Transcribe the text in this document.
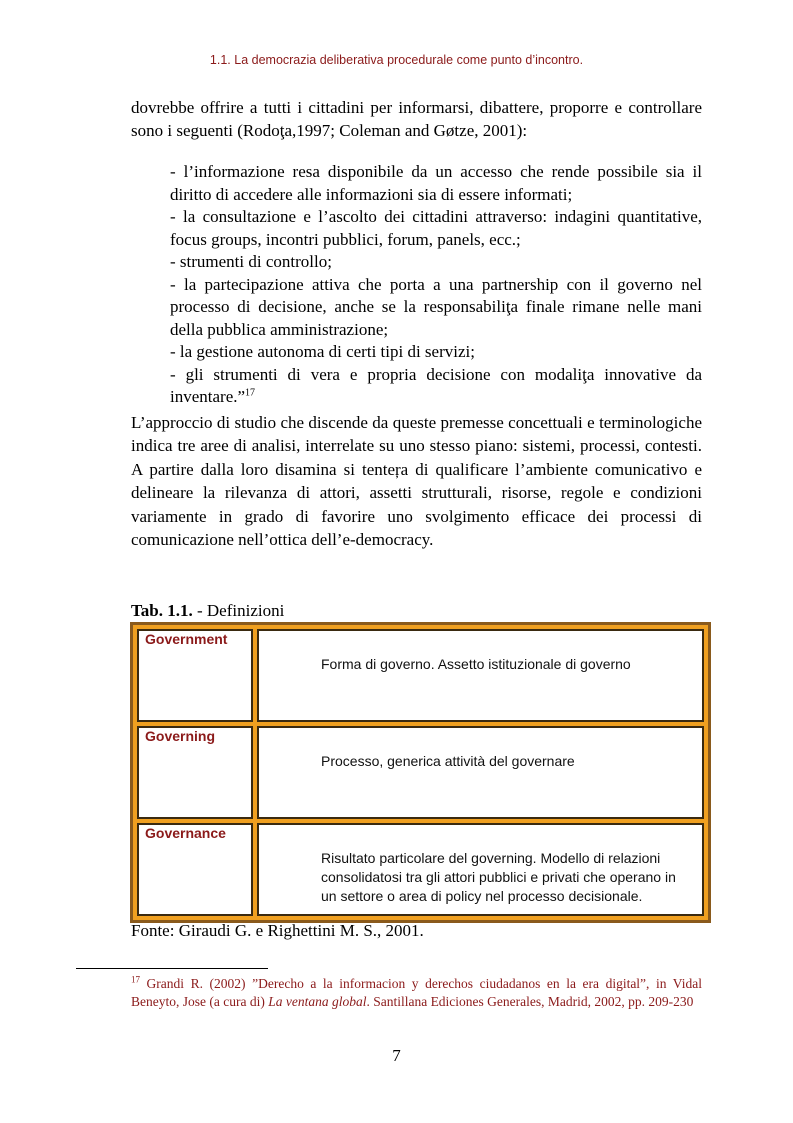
1.1. La democrazia deliberativa procedurale come punto d’incontro.

dovrebbe offrire a tutti i cittadini per informarsi, dibattere, proporre e controllare sono i seguenti (Rodoţa,1997; Coleman and Gøtze, 2001):

- l’informazione resa disponibile da un accesso che rende possibile sia il diritto di accedere alle informazioni sia di essere informati;
- la consultazione e l’ascolto dei cittadini attraverso: indagini quantitative, focus groups, incontri pubblici, forum, panels, ecc.;
- strumenti di controllo;
- la partecipazione attiva che porta a una partnership con il governo nel processo di decisione, anche se la responsabiliţa finale rimane nelle mani della pubblica amministrazione;
- la gestione autonoma di certi tipi di servizi;
- gli strumenti di vera e propria decisione con modaliţa innovative da inventare.”$^{17}$

L’approccio di studio che discende da queste premesse concettuali e terminologiche indica tre aree di analisi, interrelate su uno stesso piano: sistemi, processi, contesti. A partire dalla loro disamina si tenteŗa di qualificare l’ambiente comunicativo e delineare la rilevanza di attori, assetti strutturali, risorse, regole e condizioni variamente in grado di favorire uno svolgimento efficace dei processi di comunicazione nell’ottica dell’e-democracy.

Tab. 1.1. - Definizioni
Government	Forma di governo. Assetto istituzionale di governo
Governing	Processo, generica attività del governare
Governance	Risultato particolare del governing. Modello di relazioni consolidatosi tra gli attori pubblici e privati che operano in un settore o area di policy nel processo decisionale.
Fonte: Giraudi G. e Righettini M. S., 2001.

$^{17}$ Grandi R. (2002) ”Derecho a la informacion y derechos ciudadanos en la era digital”, in Vidal Beneyto, Jose (a cura di) La ventana global. Santillana Ediciones Generales, Madrid, 2002, pp. 209-230

7
